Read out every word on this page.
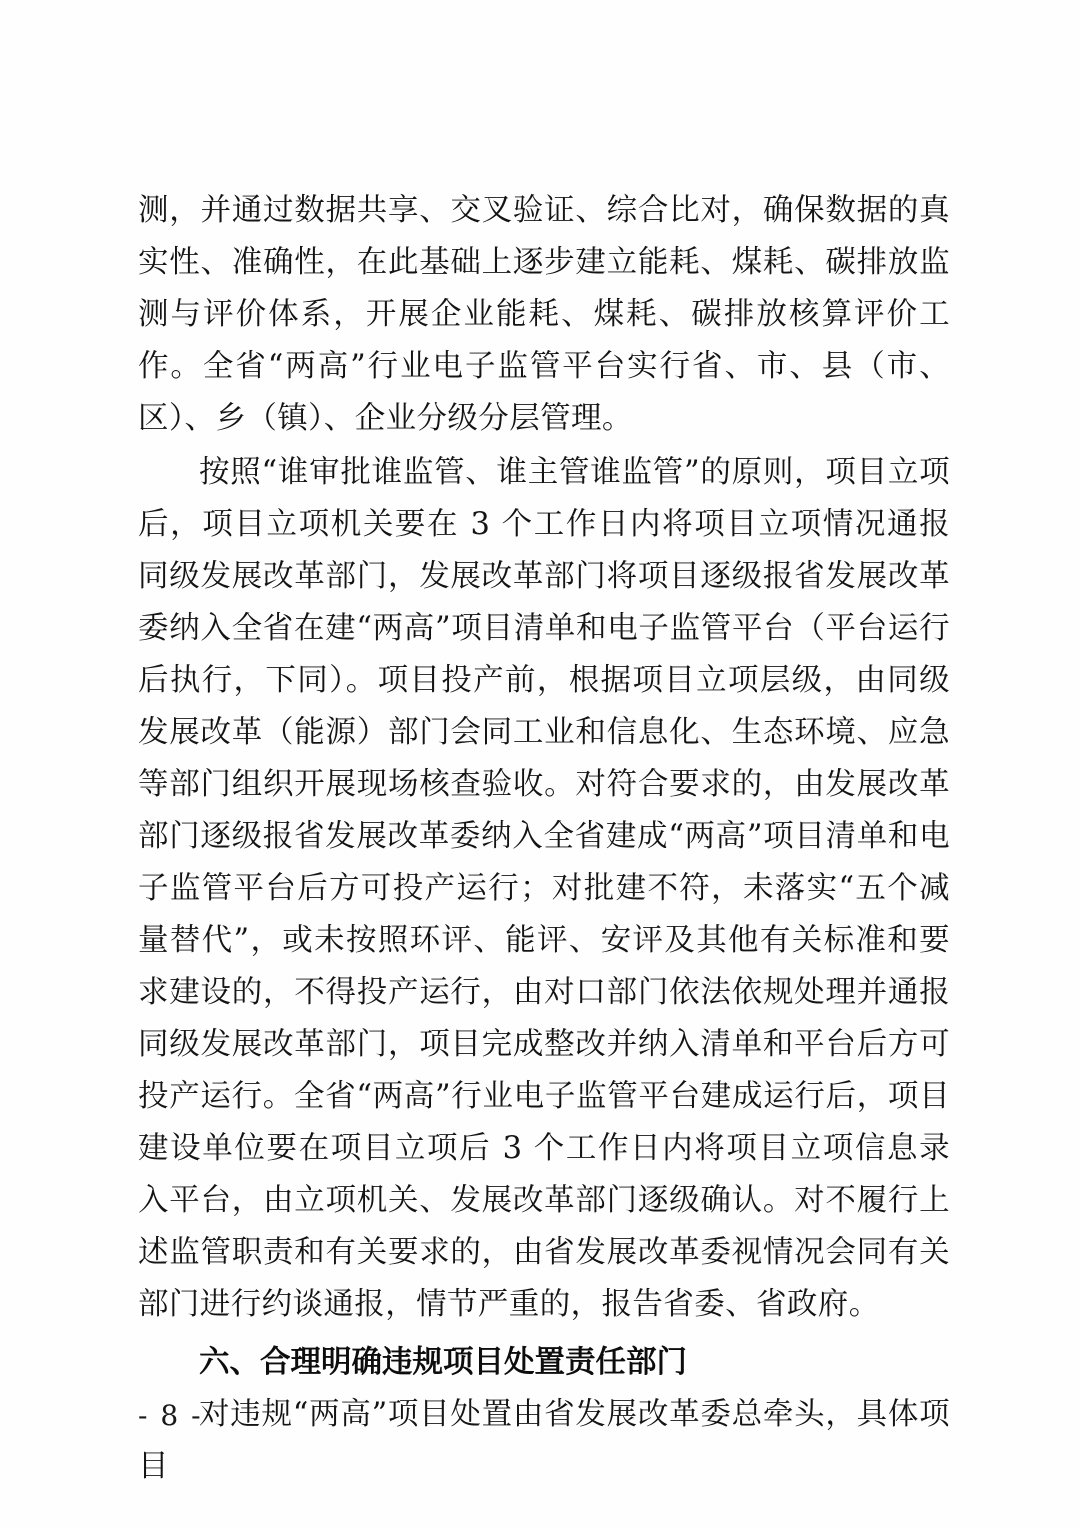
测，并通过数据共享、交叉验证、综合比对，确保数据的真实性、准确性，在此基础上逐步建立能耗、煤耗、碳排放监测与评价体系，开展企业能耗、煤耗、碳排放核算评价工作。全省“两高”行业电子监管平台实行省、市、县（市、区）、乡（镇）、企业分级分层管理。

按照“谁审批谁监管、谁主管谁监管”的原则，项目立项后，项目立项机关要在 3 个工作日内将项目立项情况通报同级发展改革部门，发展改革部门将项目逐级报省发展改革委纳入全省在建“两高”项目清单和电子监管平台（平台运行后执行，下同）。项目投产前，根据项目立项层级，由同级发展改革（能源）部门会同工业和信息化、生态环境、应急等部门组织开展现场核查验收。对符合要求的，由发展改革部门逐级报省发展改革委纳入全省建成“两高”项目清单和电子监管平台后方可投产运行；对批建不符，未落实“五个减量替代”，或未按照环评、能评、安评及其他有关标准和要求建设的，不得投产运行，由对口部门依法依规处理并通报同级发展改革部门，项目完成整改并纳入清单和平台后方可投产运行。全省“两高”行业电子监管平台建成运行后，项目建设单位要在项目立项后 3 个工作日内将项目立项信息录入平台，由立项机关、发展改革部门逐级确认。对不履行上述监管职责和有关要求的，由省发展改革委视情况会同有关部门进行约谈通报，情节严重的，报告省委、省政府。

六、合理明确违规项目处置责任部门

对违规“两高”项目处置由省发展改革委总牵头，具体项目

- 8 -
